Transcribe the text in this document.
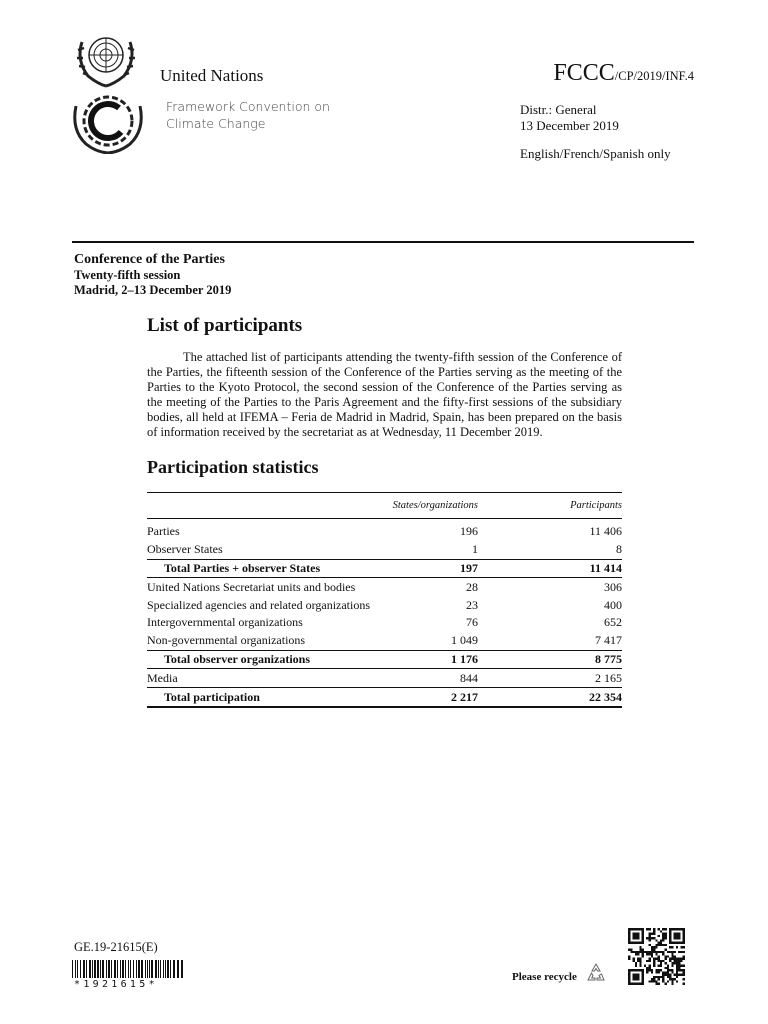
United Nations
Framework Convention on
Climate Change
FCCC/CP/2019/INF.4
Distr.: General
13 December 2019
English/French/Spanish only
Conference of the Parties
Twenty-fifth session
Madrid, 2–13 December 2019
List of participants

The attached list of participants attending the twenty-fifth session of the Conference of the Parties, the fifteenth session of the Conference of the Parties serving as the meeting of the Parties to the Kyoto Protocol, the second session of the Conference of the Parties serving as the meeting of the Parties to the Paris Agreement and the fifty-first sessions of the subsidiary bodies, all held at IFEMA – Feria de Madrid in Madrid, Spain, has been prepared on the basis of information received by the secretariat as at Wednesday, 11 December 2019.

Participation statistics
	States/organizations	Participants
Parties	196	11 406
Observer States	1	8
Total Parties + observer States	197	11 414
United Nations Secretariat units and bodies	28	306
Specialized agencies and related organizations	23	400
Intergovernmental organizations	76	652
Non-governmental organizations	1 049	7 417
Total observer organizations	1 176	8 775
Media	844	2 165
Total participation	2 217	22 354
GE.19-21615(E)
*1921615*
Please recycle
